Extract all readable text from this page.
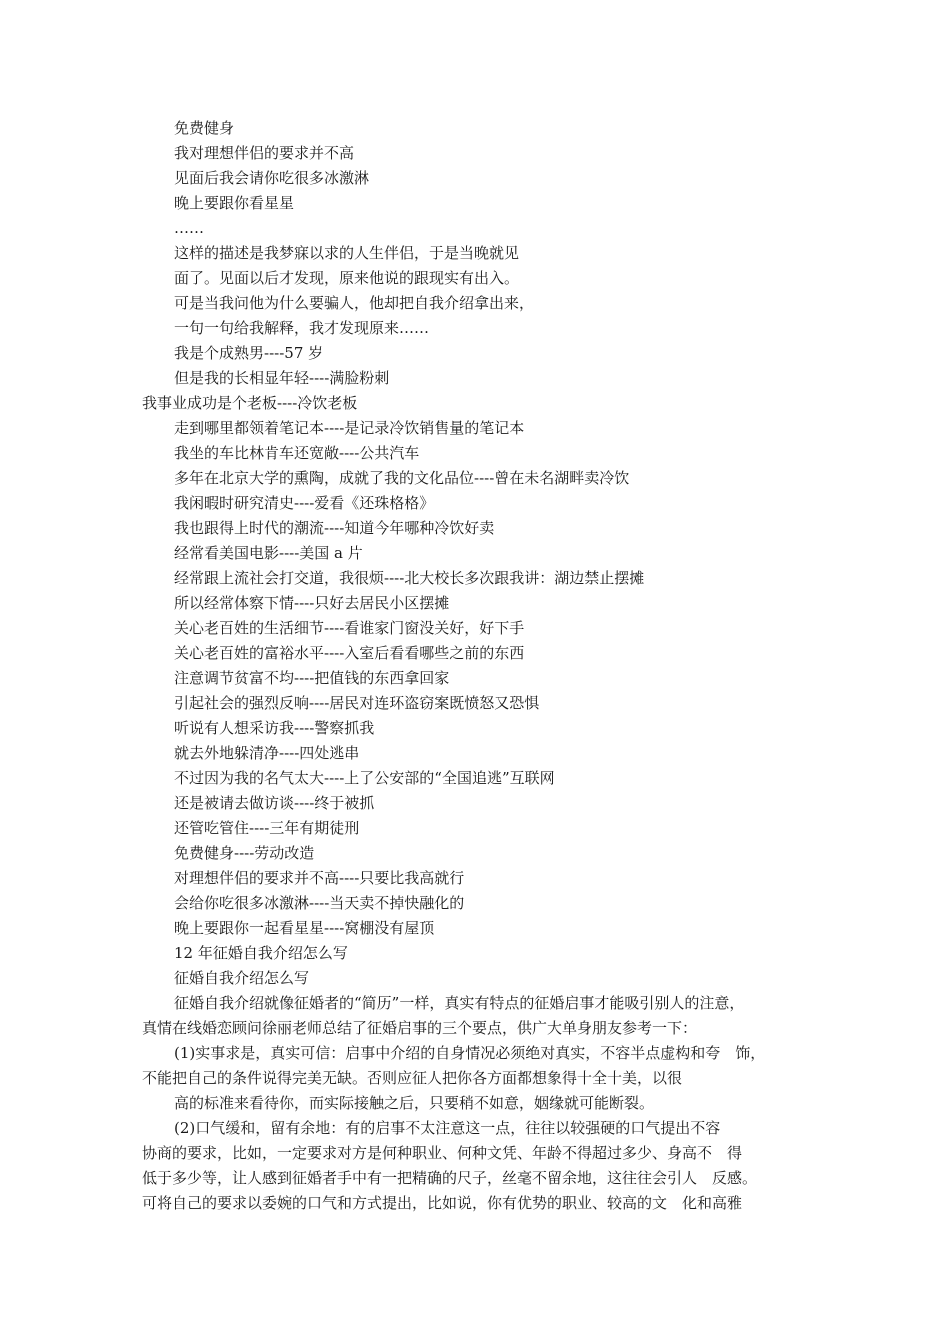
免费健身
我对理想伴侣的要求并不高
见面后我会请你吃很多冰激淋
晚上要跟你看星星
……
这样的描述是我梦寐以求的人生伴侣，于是当晚就见
面了。见面以后才发现，原来他说的跟现实有出入。
可是当我问他为什么要骗人，他却把自我介绍拿出来，
一句一句给我解释，我才发现原来……
我是个成熟男----57 岁
但是我的长相显年轻----满脸粉刺
我事业成功是个老板----冷饮老板
走到哪里都领着笔记本----是记录冷饮销售量的笔记本
我坐的车比林肯车还宽敞----公共汽车
多年在北京大学的熏陶，成就了我的文化品位----曾在未名湖畔卖冷饮
我闲暇时研究清史----爱看《还珠格格》
我也跟得上时代的潮流----知道今年哪种冷饮好卖
经常看美国电影----美国 a 片
经常跟上流社会打交道，我很烦----北大校长多次跟我讲：湖边禁止摆摊
所以经常体察下情----只好去居民小区摆摊
关心老百姓的生活细节----看谁家门窗没关好，好下手
关心老百姓的富裕水平----入室后看看哪些之前的东西
注意调节贫富不均----把值钱的东西拿回家
引起社会的强烈反响----居民对连环盗窃案既愤怒又恐惧
听说有人想采访我----警察抓我
就去外地躲清净----四处逃串
不过因为我的名气太大----上了公安部的“全国追逃”互联网
还是被请去做访谈----终于被抓
还管吃管住----三年有期徒刑
免费健身----劳动改造
对理想伴侣的要求并不高----只要比我高就行
会给你吃很多冰激淋----当天卖不掉快融化的
晚上要跟你一起看星星----窝棚没有屋顶
12 年征婚自我介绍怎么写
征婚自我介绍怎么写
征婚自我介绍就像征婚者的“简历”一样，真实有特点的征婚启事才能吸引别人的注意，
真情在线婚恋顾问徐丽老师总结了征婚启事的三个要点，供广大单身朋友参考一下：
(1)实事求是，真实可信：启事中介绍的自身情况必须绝对真实，不容半点虚构和夸　饰，
不能把自己的条件说得完美无缺。否则应征人把你各方面都想象得十全十美，以很
高的标准来看待你，而实际接触之后，只要稍不如意，姻缘就可能断裂。
(2)口气缓和，留有余地：有的启事不太注意这一点，往往以较强硬的口气提出不容
协商的要求，比如，一定要求对方是何种职业、何种文凭、年龄不得超过多少、身高不　得
低于多少等，让人感到征婚者手中有一把精确的尺子，丝毫不留余地，这往往会引人　反感。
可将自己的要求以委婉的口气和方式提出，比如说，你有优势的职业、较高的文　化和高雅
